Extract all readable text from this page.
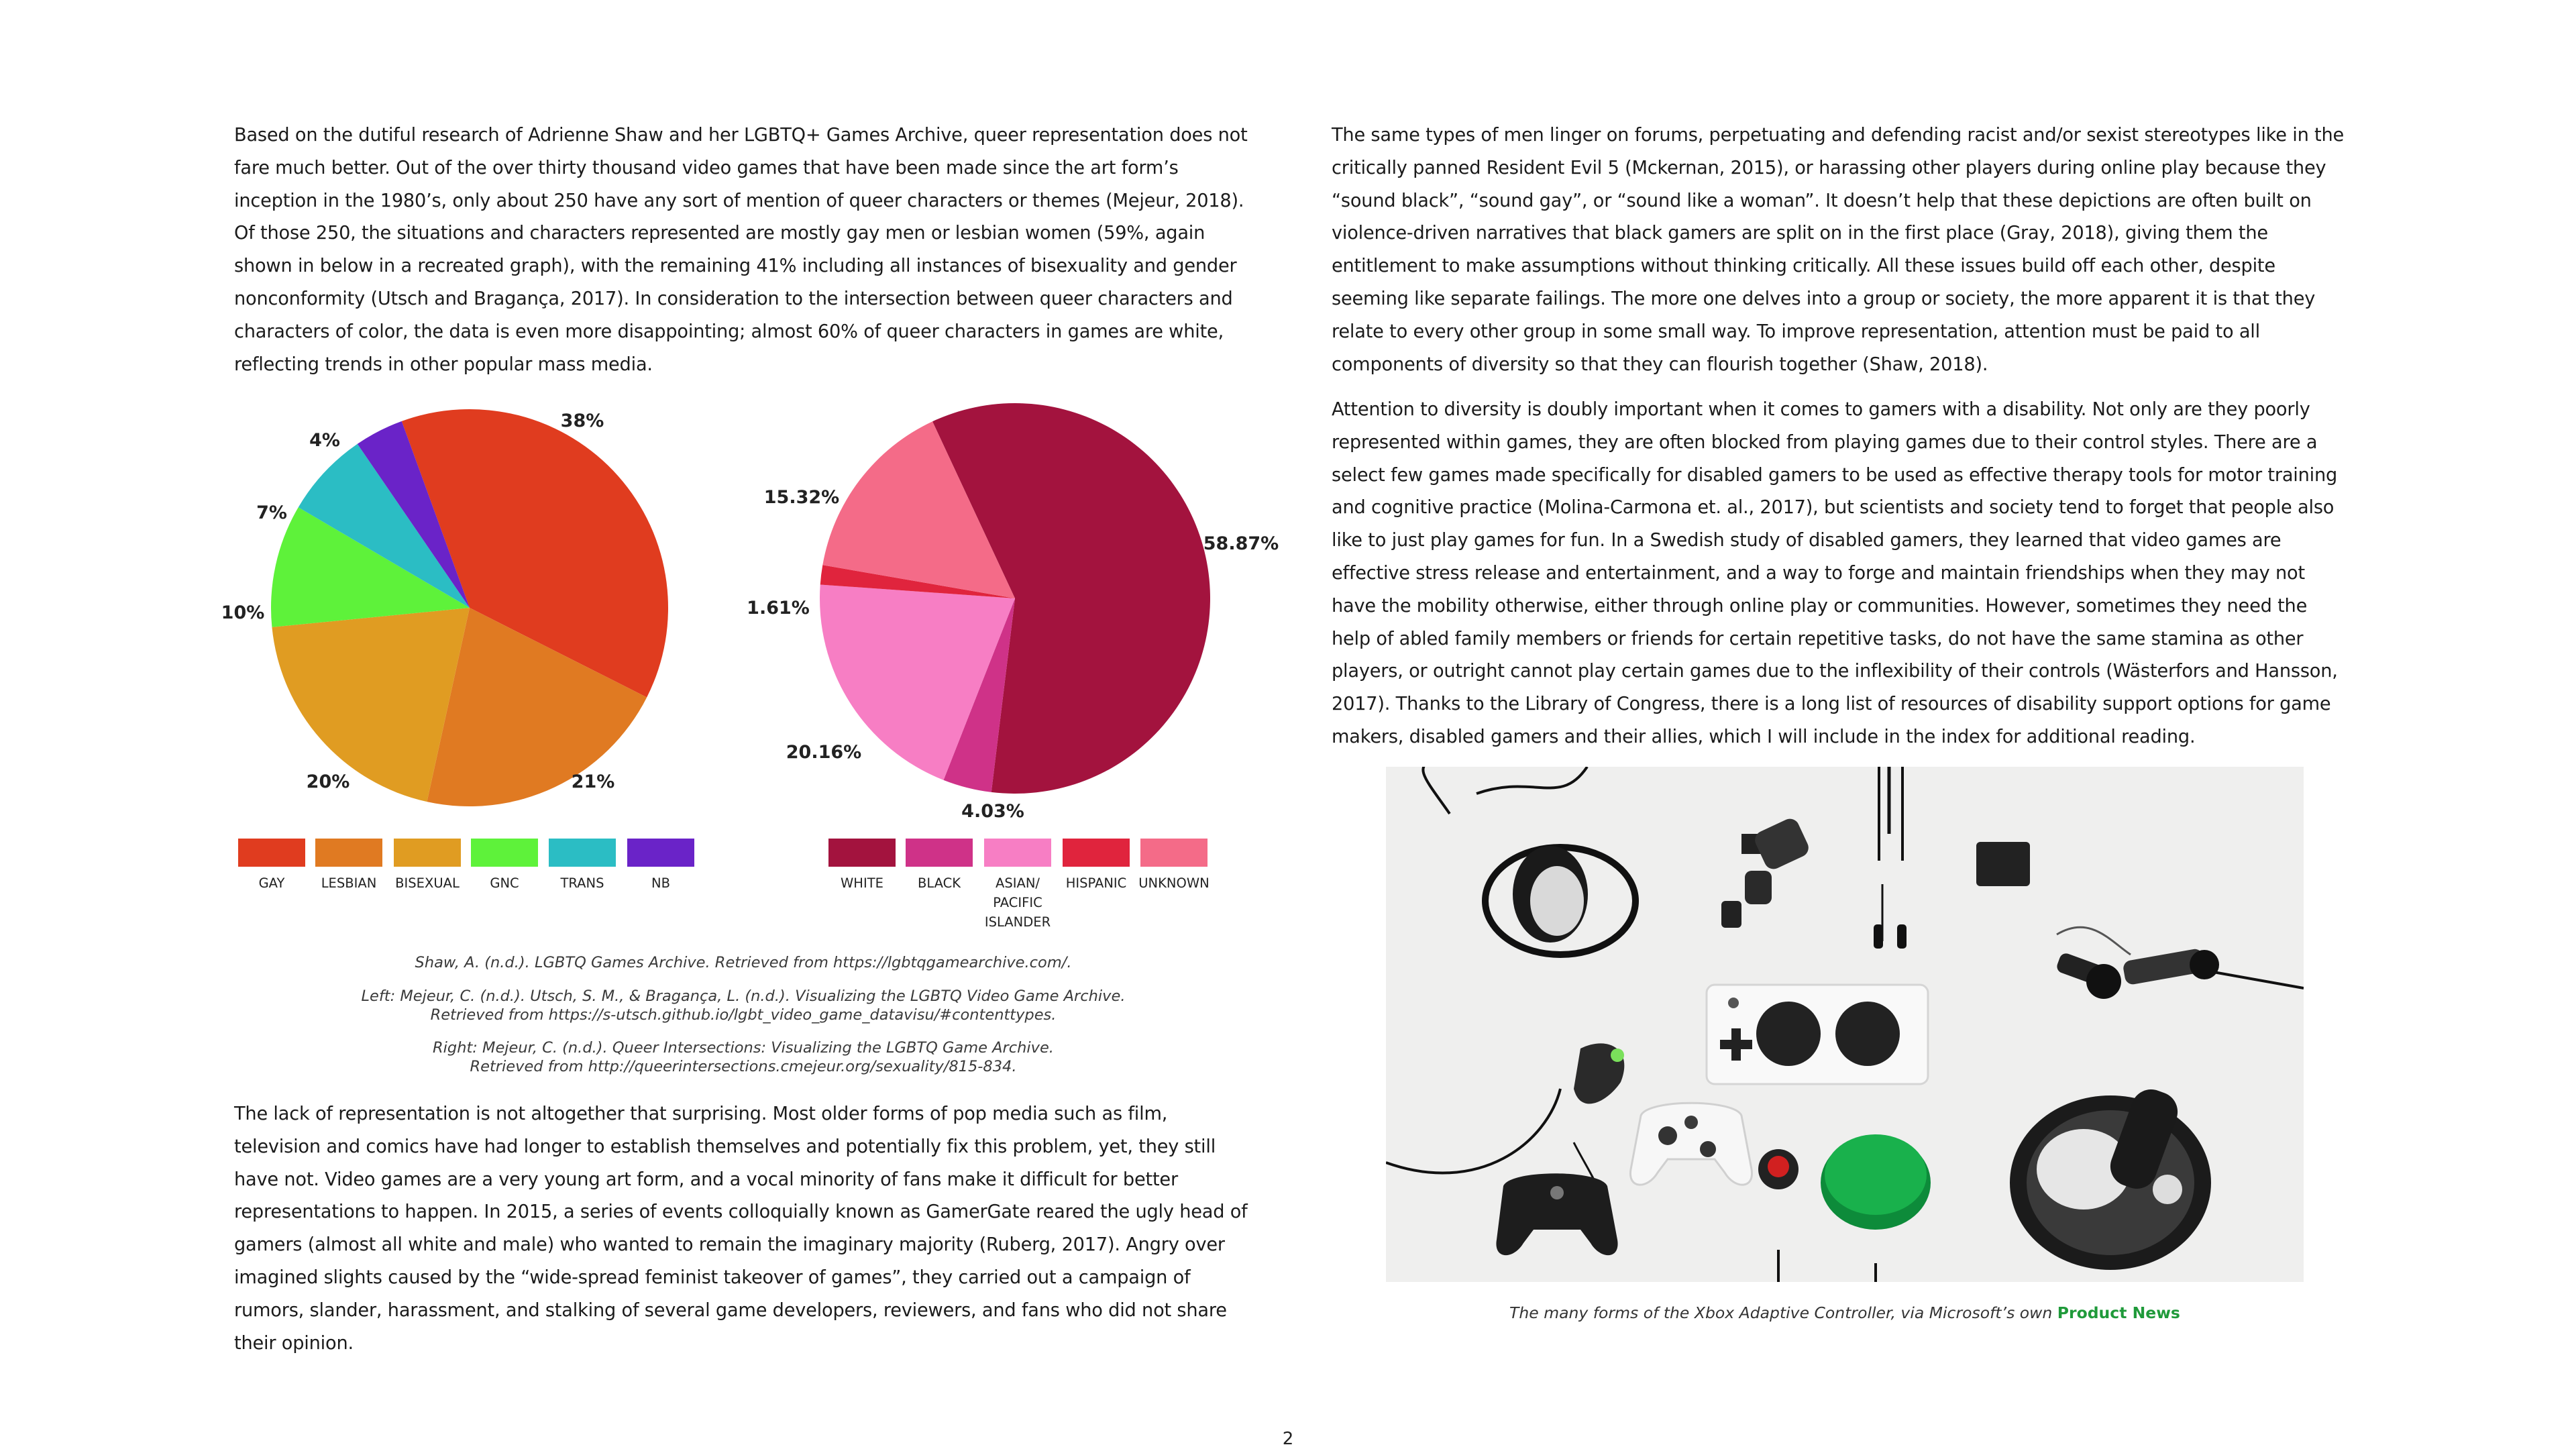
Based on the dutiful research of Adrienne Shaw and her LGBTQ+ Games Archive, queer representation does not fare much better. Out of the over thirty thousand video games that have been made since the art form’s inception in the 1980’s, only about 250 have any sort of mention of queer characters or themes (Mejeur, 2018). Of those 250, the situations and characters represented are mostly gay men or lesbian women (59%, again shown in below in a recreated graph), with the remaining 41% including all instances of bisexuality and gender nonconformity (Utsch and Bragança, 2017). In consideration to the intersection between queer characters and characters of color, the data is even more disappointing; almost 60% of queer characters in games are white, reflecting trends in other popular mass media.

38%
21%
20%
10%
7%
4%
58.87%
4.03%
20.16%
1.61%
15.32%
GAY	LESBIAN	BISEXUAL	GNC	TRANS	NB	WHITE	BLACK	ASIAN/ PACIFIC ISLANDER
HISPANIC UNKNOWN
Shaw, A. (n.d.). LGBTQ Games Archive. Retrieved from https://lgbtqgamearchive.com/.
Left: Mejeur, C. (n.d.). Utsch, S. M., & Bragança, L. (n.d.). Visualizing the LGBTQ Video Game Archive.
Retrieved from https://s-utsch.github.io/lgbt_video_game_datavisu/#contenttypes.
Right: Mejeur, C. (n.d.). Queer Intersections: Visualizing the LGBTQ Game Archive.
Retrieved from http://queerintersections.cmejeur.org/sexuality/815-834.

The lack of representation is not altogether that surprising. Most older forms of pop media such as film, television and comics have had longer to establish themselves and potentially fix this problem, yet, they still have not. Video games are a very young art form, and a vocal minority of fans make it difficult for better representations to happen. In 2015, a series of events colloquially known as GamerGate reared the ugly head of gamers (almost all white and male) who wanted to remain the imaginary majority (Ruberg, 2017). Angry over imagined slights caused by the “wide-spread feminist takeover of games”, they carried out a campaign of rumors, slander, harassment, and stalking of several game developers, reviewers, and fans who did not share their opinion.

The same types of men linger on forums, perpetuating and defending racist and/or sexist stereotypes like in the critically panned Resident Evil 5 (Mckernan, 2015), or harassing other players during online play because they “sound black”, “sound gay”, or “sound like a woman”. It doesn’t help that these depictions are often built on violence-driven narratives that black gamers are split on in the first place (Gray, 2018), giving them the entitlement to make assumptions without thinking critically. All these issues build off each other, despite seeming like separate failings. The more one delves into a group or society, the more apparent it is that they relate to every other group in some small way. To improve representation, attention must be paid to all components of diversity so that they can flourish together (Shaw, 2018).

Attention to diversity is doubly important when it comes to gamers with a disability. Not only are they poorly represented within games, they are often blocked from playing games due to their control styles. There are a select few games made specifically for disabled gamers to be used as effective therapy tools for motor training and cognitive practice (Molina-Carmona et. al., 2017), but scientists and society tend to forget that people also like to just play games for fun. In a Swedish study of disabled gamers, they learned that video games are effective stress release and entertainment, and a way to forge and maintain friendships when they may not have the mobility otherwise, either through online play or communities. However, sometimes they need the help of abled family members or friends for certain repetitive tasks, do not have the same stamina as other players, or outright cannot play certain games due to the inflexibility of their controls (Wästerfors and Hansson, 2017). Thanks to the Library of Congress, there is a long list of resources of disability support options for game makers, disabled gamers and their allies, which I will include in the index for additional reading.

The many forms of the Xbox Adaptive Controller, via Microsoft’s own Product News
2
